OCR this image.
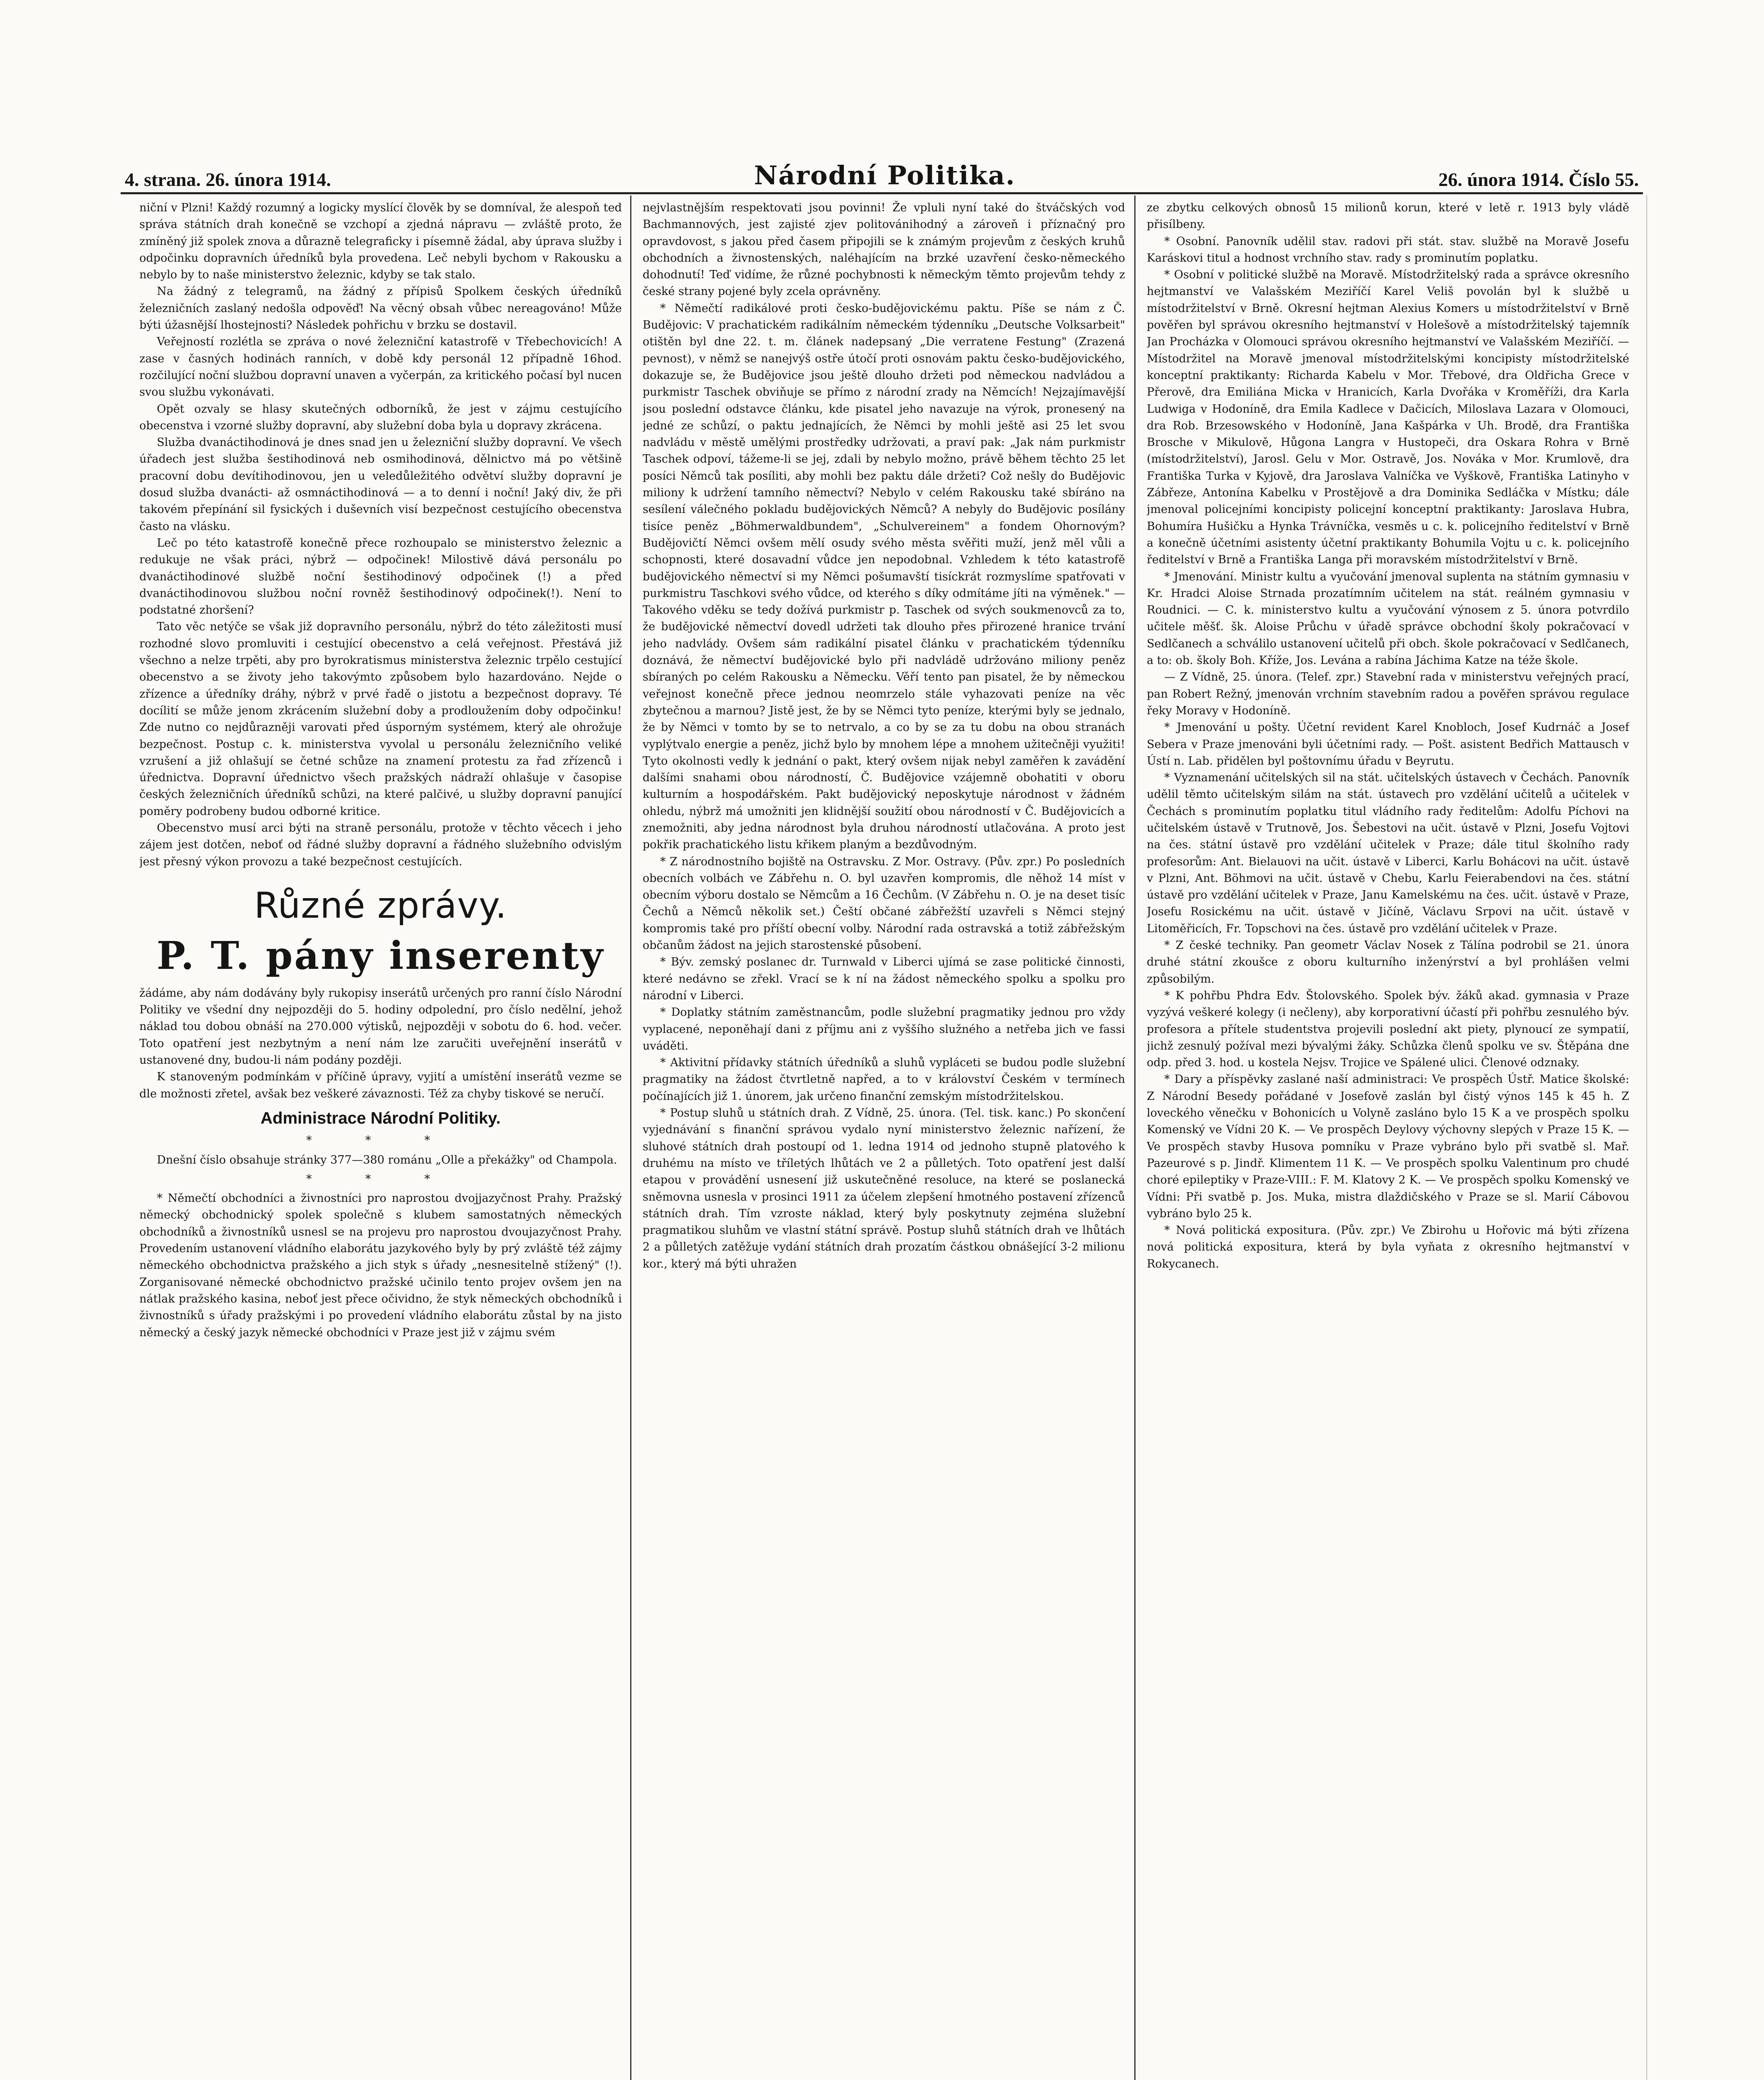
4. strana. 26. února 1914.	Národní Politika.	26. února 1914. Číslo 55.

niční v Plzni! Každý rozumný a logicky myslící člověk by se domníval, že alespoň teď správa státních drah konečně se vzchopí a zjedná nápravu — zvláště proto, že zmíněný již spolek znova a důrazně telegraficky i písemně žádal, aby úprava služby i odpočinku dopravních úředníků byla provedena. Leč nebyli bychom v Rakousku a nebylo by to naše ministerstvo železnic, kdyby se tak stalo.

Na žádný z telegramů, na žádný z přípisů Spolkem českých úředníků železničních zaslaný nedošla odpověď! Na věcný obsah vůbec nereagováno! Může býti úžasnější lhostejnosti? Následek pohřichu v brzku se dostavil.

Veřejností rozlétla se zpráva o nové železniční katastrofě v Třebechovicích! A zase v časných hodinách ranních, v době kdy personál 12 případně 16hod. rozčilující noční službou dopravní unaven a vyčerpán, za kritického počasí byl nucen svou službu vykonávati.

Opět ozvaly se hlasy skutečných odborníků, že jest v zájmu cestujícího obecenstva i vzorné služby dopravní, aby služební doba byla u dopravy zkrácena.

Služba dvanáctihodinová je dnes snad jen u železniční služby dopravní. Ve všech úřadech jest služba šestihodinová neb osmihodinová, dělnictvo má po většině pracovní dobu devítihodinovou, jen u veledůležitého odvětví služby dopravní je dosud služba dvanácti- až osmnáctihodinová — a to denní i noční! Jaký div, že při takovém přepínání sil fysických i duševních visí bezpečnost cestujícího obecenstva často na vlásku.

Leč po této katastrofě konečně přece rozhoupalo se ministerstvo železnic a redukuje ne však práci, nýbrž — odpočinek! Milostivě dává personálu po dvanáctihodinové službě noční šestihodinový odpočinek (!) a před dvanáctihodinovou službou noční rovněž šestihodinový odpočinek(!). Není to podstatné zhoršení?

Tato věc netýče se však již dopravního personálu, nýbrž do této záležitosti musí rozhodné slovo promluviti i cestující obecenstvo a celá veřejnost. Přestává již všechno a nelze trpěti, aby pro byrokratismus ministerstva železnic trpělo cestující obecenstvo a se životy jeho takovýmto způsobem bylo hazardováno. Nejde o zřízence a úředníky dráhy, nýbrž v prvé řadě o jistotu a bezpečnost dopravy. Té docílití se může jenom zkrácením služební doby a prodloužením doby odpočinku! Zde nutno co nejdůrazněji varovati před úsporným systémem, který ale ohrožuje bezpečnost. Postup c. k. ministerstva vyvolal u personálu železničního veliké vzrušení a již ohlašují se četné schůze na znamení protestu za řad zřízenců i úřednictva. Dopravní úřednictvo všech pražských nádraží ohlašuje v časopise českých železničních úředníků schůzi, na které palčivé, u služby dopravní panující poměry podrobeny budou odborné kritice.

Obecenstvo musí arci býti na straně personálu, protože v těchto věcech i jeho zájem jest dotčen, neboť od řádné služby dopravní a řádného služebního odvislým jest přesný výkon provozu a také bezpečnost cestujících.

Různé zprávy.

P. T. pány inserenty

žádáme, aby nám dodávány byly rukopisy inserátů určených pro ranní číslo Národní Politiky ve všední dny nejpozději do 5. hodiny odpolední, pro číslo nedělní, jehož náklad tou dobou obnáší na 270.000 výtisků, nejpozději v sobotu do 6. hod. večer. Toto opatření jest nezbytným a není nám lze zaručiti uveřejnění inserátů v ustanovené dny, budou-li nám podány později.

K stanoveným podmínkám v příčině úpravy, vyjití a umístění inserátů vezme se dle možnosti zřetel, avšak bez veškeré závaznosti. Též za chyby tiskové se neručí.

Administrace Národní Politiky.

* * *

Dnešní číslo obsahuje stránky 377—380 románu „Olle a překážky" od Champola.

* * *

* Němečtí obchodníci a živnostníci pro naprostou dvojjazyčnost Prahy. Pražský německý obchodnický spolek společně s klubem samostatných německých obchodníků a živnostníků usnesl se na projevu pro naprostou dvoujazyčnost Prahy. Provedením ustanovení vládního elaborátu jazykového byly by prý zvláště též zájmy německého obchodnictva pražského a jich styk s úřady „nesnesitelně stížený" (!). Zorganisované německé obchodnictvo pražské učinilo tento projev ovšem jen na nátlak pražského kasina, neboť jest přece očividno, že styk německých obchodníků i živnostníků s úřady pražskými i po provedení vládního elaborátu zůstal by na jisto německý a český jazyk německé obchodníci v Praze jest již v zájmu svém

nejvlastnějším respektovati jsou povinni! Že vpluli nyní také do štváčských vod Bachmannových, jest zajisté zjev politovánihodný a zároveň i příznačný pro opravdovost, s jakou před časem připojili se k známým projevům z českých kruhů obchodních a živnostenských, naléhajícím na brzké uzavření česko-německého dohodnutí! Teď vidíme, že různé pochybnosti k německým těmto projevům tehdy z české strany pojené byly zcela oprávněny.

* Němečtí radikálové proti česko-budějovickému paktu. Píše se nám z Č. Budějovic: V prachatickém radikálním německém týdenníku „Deutsche Volksarbeit" otištěn byl dne 22. t. m. článek nadepsaný „Die verratene Festung" (Zrazená pevnost), v němž se nanejvýš ostře útočí proti osnovám paktu česko-budějovického, dokazuje se, že Budějovice jsou ještě dlouho držeti pod německou nadvládou a purkmistr Taschek obviňuje se přímo z národní zrady na Němcích! Nejzajímavější jsou poslední odstavce článku, kde pisatel jeho navazuje na výrok, pronesený na jedné ze schůzí, o paktu jednajících, že Němci by mohli ještě asi 25 let svou nadvládu v městě umělými prostředky udržovati, a praví pak: „Jak nám purkmistr Taschek odpoví, tážeme-li se jej, zdali by nebylo možno, právě během těchto 25 let posíci Němců tak posíliti, aby mohli bez paktu dále držeti? Což nešly do Budějovic miliony k udržení tamního němectví? Nebylo v celém Rakousku také sbíráno na sesílení válečného pokladu budějovických Němců? A nebyly do Budějovic posílány tisíce peněz „Böhmerwaldbundem", „Schulvereinem" a fondem Ohornovým? Budějovičtí Němci ovšem mělí osudy svého města svěřiti muží, jenž měl vůli a schopnosti, které dosavadní vůdce jen nepodobnal. Vzhledem k této katastrofě budějovického němectví si my Němci pošumavští tisíckrát rozmyslíme spatřovati v purkmistru Taschkovi svého vůdce, od kterého s díky odmítáme jíti na výměnek." — Takového vděku se tedy dožívá purkmistr p. Taschek od svých soukmenovců za to, že budějovické němectví dovedl udržeti tak dlouho přes přirozené hranice trvání jeho nadvlády. Ovšem sám radikální pisatel článku v prachatickém týdenníku doznává, že němectví budějovické bylo při nadvládě udržováno miliony peněz sbíraných po celém Rakousku a Německu. Věří tento pan pisatel, že by německou veřejnost konečně přece jednou neomrzelo stále vyhazovati peníze na věc zbytečnou a marnou? Jistě jest, že by se Němci tyto peníze, kterými byly se jednalo, že by Němci v tomto by se to netrvalo, a co by se za tu dobu na obou stranách vyplýtvalo energie a peněz, jichž bylo by mnohem lépe a mnohem užitečněji využiti! Tyto okolnosti vedly k jednání o pakt, který ovšem nijak nebyl zaměřen k zavádění dalšími snahami obou národností, Č. Budějovice vzájemně obohatiti v oboru kulturním a hospodářském. Pakt budějovický neposkytuje národnost v žádném ohledu, nýbrž má umožniti jen klidnější soužití obou národností v Č. Budějovicích a znemožniti, aby jedna národnost byla druhou národností utlačována. A proto jest pokřik prachatického listu křikem planým a bezdůvodným.

* Z národnostního bojiště na Ostravsku. Z Mor. Ostravy. (Pův. zpr.) Po posledních obecních volbách ve Zábřehu n. O. byl uzavřen kompromis, dle něhož 14 míst v obecním výboru dostalo se Němcům a 16 Čechům. (V Zábřehu n. O. je na deset tisíc Čechů a Němců několik set.) Čeští občané zábřežští uzavřeli s Němci stejný kompromis také pro příští obecní volby. Národní rada ostravská a totiž zábřežským občanům žádost na jejich starostenské působení.

* Býv. zemský poslanec dr. Turnwald v Liberci ujímá se zase politické činnosti, které nedávno se zřekl. Vrací se k ní na žádost německého spolku a spolku pro národní v Liberci.

* Doplatky státním zaměstnancům, podle služební pragmatiky jednou pro vždy vyplacené, neponěhají dani z příjmu ani z vyššího služného a netřeba jich ve fassi uváděti.

* Aktivitní přídavky státních úředníků a sluhů vypláceti se budou podle služební pragmatiky na žádost čtvrtletně napřed, a to v království Českém v termínech počínajících již 1. únorem, jak určeno finanční zemským místodržitelskou.

* Postup sluhů u státních drah. Z Vídně, 25. února. (Tel. tisk. kanc.) Po skončení vyjednávání s finanční správou vydalo nyní ministerstvo železnic nařízení, že sluhové státních drah postoupí od 1. ledna 1914 od jednoho stupně platového k druhému na místo ve tříletých lhůtách ve 2 a půlletých. Toto opatření jest další etapou v provádění usnesení již uskutečněné resoluce, na které se poslanecká sněmovna usnesla v prosinci 1911 za účelem zlepšení hmotného postavení zřízenců státních drah. Tím vzroste náklad, který byly poskytnuty zejména služební pragmatikou sluhům ve vlastní státní správě. Postup sluhů státních drah ve lhůtách 2 a půlletých zatěžuje vydání státních drah prozatím částkou obnášející 3-2 milionu kor., který má býti uhražen

ze zbytku celkových obnosů 15 milionů korun, které v letě r. 1913 byly vládě přisílbeny.

* Osobní. Panovník udělil stav. radovi při stát. stav. službě na Moravě Josefu Karáskovi titul a hodnost vrchního stav. rady s prominutím poplatku.

* Osobní v politické službě na Moravě. Místodržitelský rada a správce okresního hejtmanství ve Valašském Meziříčí Karel Veliš povolán byl k službě u místodržitelství v Brně. Okresní hejtman Alexius Komers u místodržitelství v Brně pověřen byl správou okresního hejtmanství v Holešově a místodržitelský tajemník Jan Procházka v Olomouci správou okresního hejtmanství ve Valašském Meziříčí. — Místodržitel na Moravě jmenoval místodržitelskými koncipisty místodržitelské konceptní praktikanty: Richarda Kabelu v Mor. Třebové, dra Oldřicha Grece v Přerově, dra Emiliána Micka v Hranicích, Karla Dvořáka v Kroměříži, dra Karla Ludwiga v Hodoníně, dra Emila Kadlece v Dačicích, Miloslava Lazara v Olomouci, dra Rob. Brzesowského v Hodoníně, Jana Kašpárka v Uh. Brodě, dra Františka Brosche v Mikulově, Hůgona Langra v Hustopeči, dra Oskara Rohra v Brně (místodržitelství), Jarosl. Gelu v Mor. Ostravě, Jos. Nováka v Mor. Krumlově, dra Františka Turka v Kyjově, dra Jaroslava Valníčka ve Vyškově, Františka Latinyho v Zábřeze, Antonína Kabelku v Prostějově a dra Dominika Sedláčka v Místku; dále jmenoval policejními koncipisty policejní konceptní praktikanty: Jaroslava Hubra, Bohumíra Hušičku a Hynka Trávníčka, vesměs u c. k. policejního ředitelství v Brně a konečně účetními asistenty účetní praktikanty Bohumila Vojtu u c. k. policejního ředitelství v Brně a Františka Langa při moravském místodržitelství v Brně.

* Jmenování. Ministr kultu a vyučování jmenoval suplenta na státním gymnasiu v Kr. Hradci Aloise Strnada prozatímním učitelem na stát. reálném gymnasiu v Roudnici. — C. k. ministerstvo kultu a vyučování výnosem z 5. února potvrdilo učitele měšť. šk. Aloise Průchu v úřadě správce obchodní školy pokračovací v Sedlčanech a schválilo ustanovení učitelů při obch. škole pokračovací v Sedlčanech, a to: ob. školy Boh. Kříže, Jos. Levána a rabína Jáchima Katze na téže škole.

— Z Vídně, 25. února. (Telef. zpr.) Stavební rada v ministerstvu veřejných prací, pan Robert Režný, jmenován vrchním stavebním radou a pověřen správou regulace řeky Moravy v Hodoníně.

* Jmenování u pošty. Účetní revident Karel Knobloch, Josef Kudrnáč a Josef Sebera v Praze jmenováni byli účetními rady. — Pošt. asistent Bedřich Mattausch v Ústí n. Lab. přidělen byl poštovnímu úřadu v Beyrutu.

* Vyznamenání učitelských sil na stát. učitelských ústavech v Čechách. Panovník udělil těmto učitelským silám na stát. ústavech pro vzdělání učitelů a učitelek v Čechách s prominutím poplatku titul vládního rady ředitelům: Adolfu Píchovi na učitelském ústavě v Trutnově, Jos. Šebestovi na učit. ústavě v Plzni, Josefu Vojtovi na čes. státní ústavě pro vzdělání učitelek v Praze; dále titul školního rady profesorům: Ant. Bielauovi na učit. ústavě v Liberci, Karlu Bohácovi na učit. ústavě v Plzni, Ant. Böhmovi na učit. ústavě v Chebu, Karlu Feierabendovi na čes. státní ústavě pro vzdělání učitelek v Praze, Janu Kamelskému na čes. učit. ústavě v Praze, Josefu Rosickému na učit. ústavě v Jičíně, Václavu Srpovi na učit. ústavě v Litoměřicích, Fr. Topschovi na čes. ústavě pro vzdělání učitelek v Praze.

* Z české techniky. Pan geometr Václav Nosek z Tálína podrobil se 21. února druhé státní zkoušce z oboru kulturního inženýrství a byl prohlášen velmi způsobilým.

* K pohřbu Phdra Edv. Štolovského. Spolek býv. žáků akad. gymnasia v Praze vyzývá veškeré kolegy (i nečleny), aby korporativní účastí při pohřbu zesnulého býv. profesora a přítele studentstva projevili poslední akt piety, plynoucí ze sympatií, jichž zesnulý požíval mezi bývalými žáky. Schůzka členů spolku ve sv. Štěpána dne odp. před 3. hod. u kostela Nejsv. Trojice ve Spálené ulici. Členové odznaky.

* Dary a příspěvky zaslané naší administraci: Ve prospěch Ústř. Matice školské: Z Národní Besedy pořádané v Josefově zaslán byl čistý výnos 145 k 45 h. Z loveckého věnečku v Bohonicích u Volyně zasláno bylo 15 K a ve prospěch spolku Komenský ve Vídni 20 K. — Ve prospěch Deylovy výchovny slepých v Praze 15 K. — Ve prospěch stavby Husova pomníku v Praze vybráno bylo při svatbě sl. Mař. Pazeurové s p. Jindř. Klimentem 11 K. — Ve prospěch spolku Valentinum pro chudé choré epileptiky v Praze-VIII.: F. M. Klatovy 2 K. — Ve prospěch spolku Komenský ve Vídni: Při svatbě p. Jos. Mukа, mistra dlaždičského v Praze se sl. Marií Cábovou vybráno bylo 25 k.

* Nová politická expositura. (Pův. zpr.) Ve Zbirohu u Hořovic má býti zřízena nová politická expositura, která by byla vyňata z okresního hejtmanství v Rokycanech.
